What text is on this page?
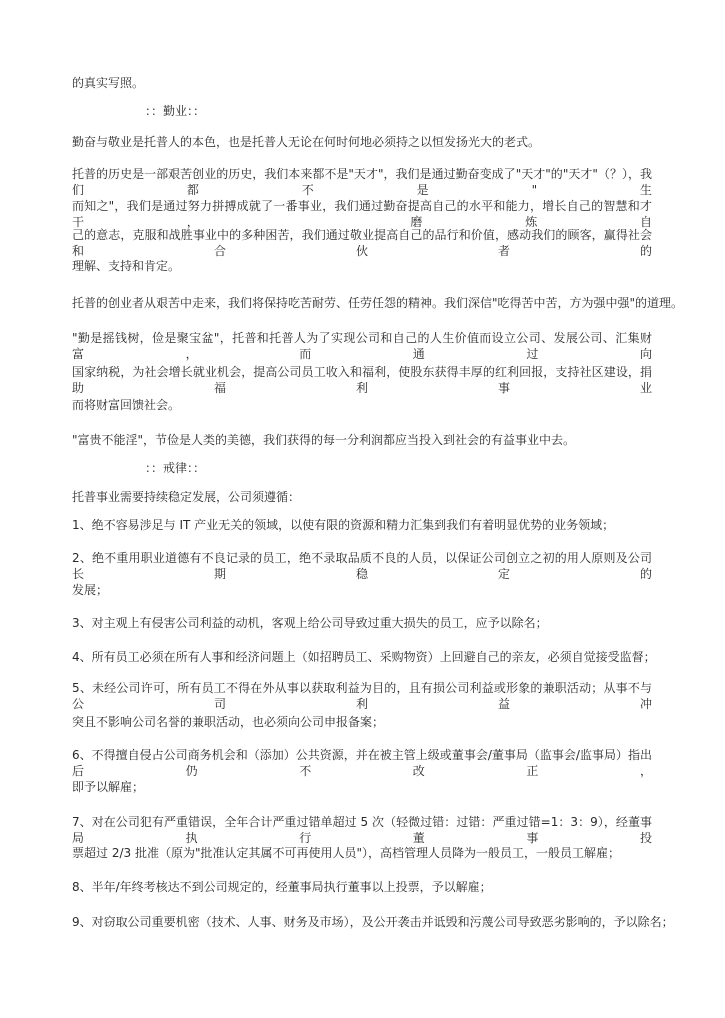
的真实写照。
：：勤业：：
勤奋与敬业是托普人的本色，也是托普人无论在何时何地必须持之以恒发扬光大的老式。
托普的历史是一部艰苦创业的历史，我们本来都不是"天才"，我们是通过勤奋变成了"天才"的"天才"（？），我们都不是"生
而知之"，我们是通过努力拼搏成就了一番事业，我们通过勤奋提高自己的水平和能力，增长自己的智慧和才干，　磨炼自
己的意志，克服和战胜事业中的多种困苦，我们通过敬业提高自己的品行和价值，感动我们的顾客，赢得社会和合伙者的
理解、支持和肯定。
托普的创业者从艰苦中走来，我们将保持吃苦耐劳、任劳任怨的精神。我们深信"吃得苦中苦，方为强中强"的道理。
"勤是摇钱树，俭是聚宝盆"，托普和托普人为了实现公司和自己的人生价值而设立公司、发展公司、汇集财富，而通过向
国家纳税，为社会增长就业机会，提高公司员工收入和福利，使股东获得丰厚的红利回报，支持社区建设，捐助福利事业
而将财富回馈社会。
"富贵不能淫"，节俭是人类的美德，我们获得的每一分利润都应当投入到社会的有益事业中去。
：：戒律：：
托普事业需要持续稳定发展，公司须遵循：
1、绝不容易涉足与 IT 产业无关的领域，以使有限的资源和精力汇集到我们有着明显优势的业务领域；
2、绝不重用职业道德有不良记录的员工，绝不录取品质不良的人员，以保证公司创立之初的用人原则及公司长期稳定的
发展；
3、对主观上有侵害公司利益的动机，客观上给公司导致过重大损失的员工，应予以除名；
4、所有员工必须在所有人事和经济问题上（如招聘员工、采购物资）上回避自己的亲友，必须自觉接受监督；
5、未经公司许可，所有员工不得在外从事以获取利益为目的，且有损公司利益或形象的兼职活动；从事不与公司利益冲
突且不影响公司名誉的兼职活动，也必须向公司申报备案；
6、不得擅自侵占公司商务机会和（添加）公共资源，并在被主管上级或董事会/董事局（监事会/监事局）指出后仍不改正，
即予以解雇；
7、对在公司犯有严重错误，全年合计严重过错单超过 5 次（轻微过错：过错：严重过错=1：3：9），经董事局执行董事投
票超过 2/3 批准（原为"批准认定其属不可再使用人员"），高档管理人员降为一般员工，一般员工解雇；
8、半年/年终考核达不到公司规定的，经董事局执行董事以上投票，予以解雇；
9、对窃取公司重要机密（技术、人事、财务及市场），及公开袭击并诋毁和污蔑公司导致恶劣影响的，予以除名；
